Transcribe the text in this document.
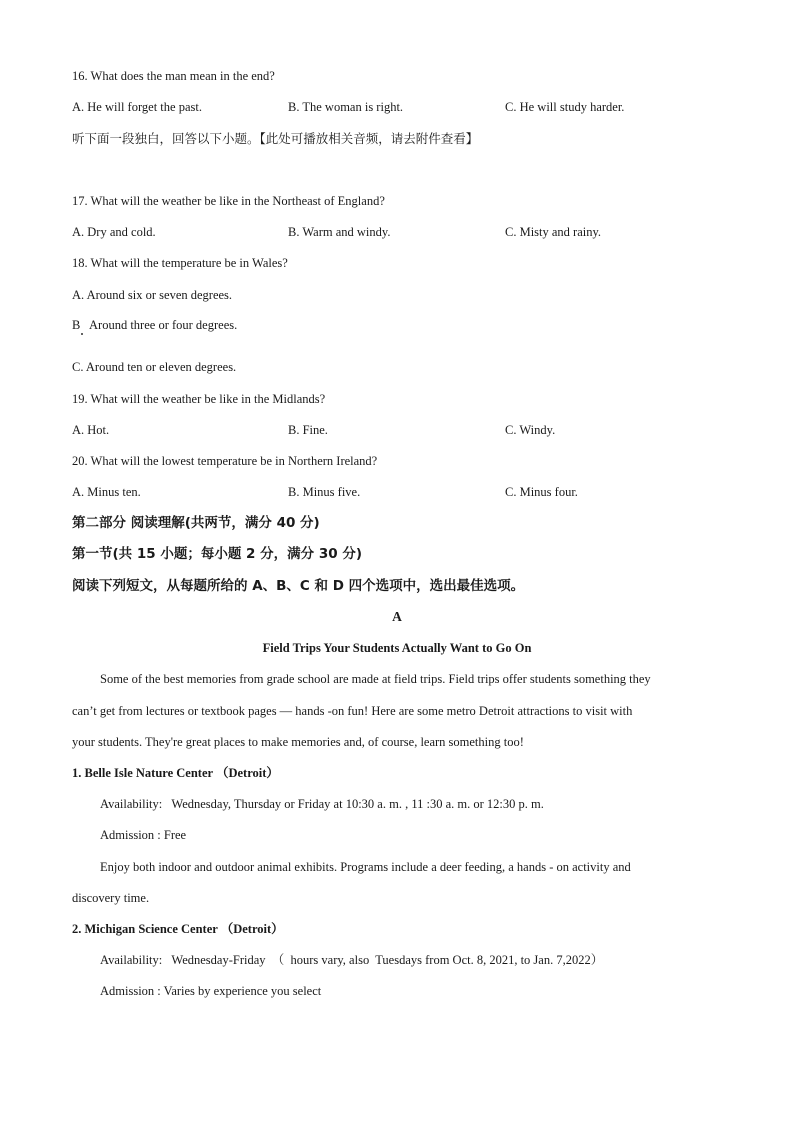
16. What does the man mean in the end?
A. He will forget the past.	B. The woman is right.	C. He will study harder.
听下面一段独白，回答以下小题。【此处可播放相关音频，请去附件查看】
17. What will the weather be like in the Northeast of England?
A. Dry and cold.	B. Warm and windy.	C. Misty and rainy.
18. What will the temperature be in Wales?
A. Around six or seven degrees.
B   Around three or four degrees.
C. Around ten or eleven degrees.
19. What will the weather be like in the Midlands?
A. Hot.	B. Fine.	C. Windy.
20. What will the lowest temperature be in Northern Ireland?
A. Minus ten.	B. Minus five.	C. Minus four.
第二部分 阅读理解(共两节，满分 40 分)
第一节(共 15 小题；每小题 2 分，满分 30 分)
阅读下列短文，从每题所给的 A、B、C 和 D 四个选项中，选出最佳选项。
A
Field Trips Your Students Actually Want to Go On
Some of the best memories from grade school are made at field trips. Field trips offer students something they
can’t get from lectures or textbook pages — hands -on fun! Here are some metro Detroit attractions to visit with
your students. They're great places to make memories and, of course, learn something too!
1. Belle Isle Nature Center （Detroit）
Availability:   Wednesday, Thursday or Friday at 10:30 a. m. , 11 :30 a. m. or 12:30 p. m.
Admission : Free
Enjoy both indoor and outdoor animal exhibits. Programs include a deer feeding, a hands - on activity and
discovery time.
2. Michigan Science Center （Detroit）
Availability:   Wednesday-Friday  （  hours vary, also  Tuesdays from Oct. 8, 2021, to Jan. 7,2022）
Admission : Varies by experience you select
